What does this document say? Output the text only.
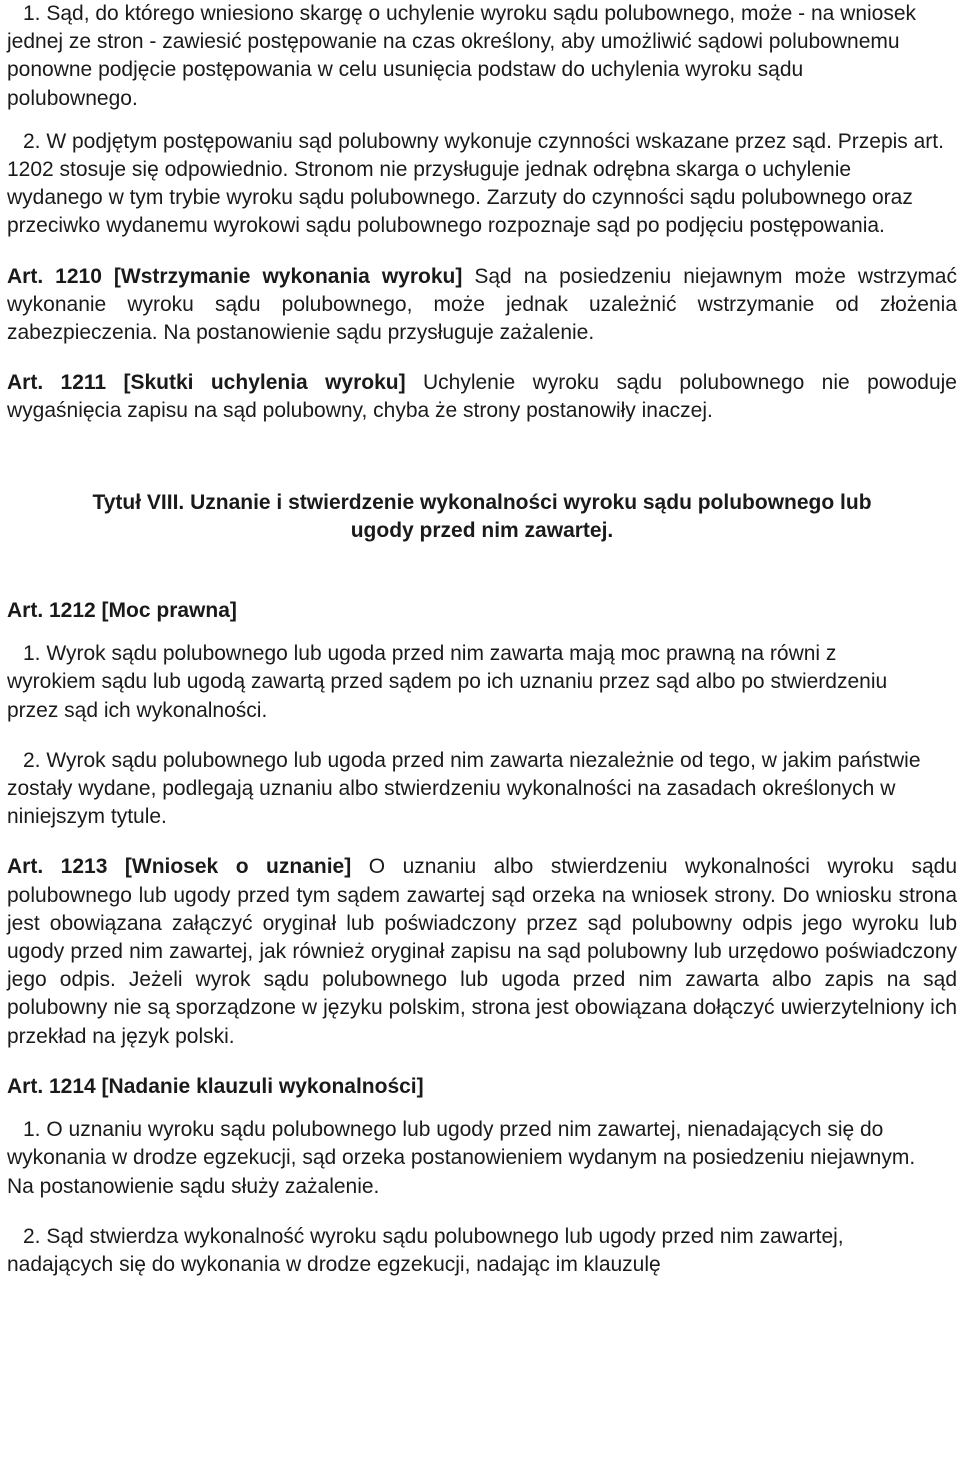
1. Sąd, do którego wniesiono skargę o uchylenie wyroku sądu polubownego, może - na wniosek jednej ze stron - zawiesić postępowanie na czas określony, aby umożliwić sądowi polubownemu ponowne podjęcie postępowania w celu usunięcia podstaw do uchylenia wyroku sądu polubownego.

2. W podjętym postępowaniu sąd polubowny wykonuje czynności wskazane przez sąd. Przepis art. 1202 stosuje się odpowiednio. Stronom nie przysługuje jednak odrębna skarga o uchylenie wydanego w tym trybie wyroku sądu polubownego. Zarzuty do czynności sądu polubownego oraz przeciwko wydanemu wyrokowi sądu polubownego rozpoznaje sąd po podjęciu postępowania.

Art. 1210 [Wstrzymanie wykonania wyroku] Sąd na posiedzeniu niejawnym może wstrzymać wykonanie wyroku sądu polubownego, może jednak uzależnić wstrzymanie od złożenia zabezpieczenia. Na postanowienie sądu przysługuje zażalenie.

Art. 1211 [Skutki uchylenia wyroku] Uchylenie wyroku sądu polubownego nie powoduje wygaśnięcia zapisu na sąd polubowny, chyba że strony postanowiły inaczej.

Tytuł VIII. Uznanie i stwierdzenie wykonalności wyroku sądu polubownego lub

ugody przed nim zawartej.

Art. 1212 [Moc prawna]

1. Wyrok sądu polubownego lub ugoda przed nim zawarta mają moc prawną na równi z wyrokiem sądu lub ugodą zawartą przed sądem po ich uznaniu przez sąd albo po stwierdzeniu przez sąd ich wykonalności.

2. Wyrok sądu polubownego lub ugoda przed nim zawarta niezależnie od tego, w jakim państwie zostały wydane, podlegają uznaniu albo stwierdzeniu wykonalności na zasadach określonych w niniejszym tytule.

Art. 1213 [Wniosek o uznanie] O uznaniu albo stwierdzeniu wykonalności wyroku sądu polubownego lub ugody przed tym sądem zawartej sąd orzeka na wniosek strony. Do wniosku strona jest obowiązana załączyć oryginał lub poświadczony przez sąd polubowny odpis jego wyroku lub ugody przed nim zawartej, jak również oryginał zapisu na sąd polubowny lub urzędowo poświadczony jego odpis. Jeżeli wyrok sądu polubownego lub ugoda przed nim zawarta albo zapis na sąd polubowny nie są sporządzone w języku polskim, strona jest obowiązana dołączyć uwierzytelniony ich przekład na język polski.

Art. 1214 [Nadanie klauzuli wykonalności]

1. O uznaniu wyroku sądu polubownego lub ugody przed nim zawartej, nienadających się do wykonania w drodze egzekucji, sąd orzeka postanowieniem wydanym na posiedzeniu niejawnym. Na postanowienie sądu służy zażalenie.

2. Sąd stwierdza wykonalność wyroku sądu polubownego lub ugody przed nim zawartej, nadających się do wykonania w drodze egzekucji, nadając im klauzulę
